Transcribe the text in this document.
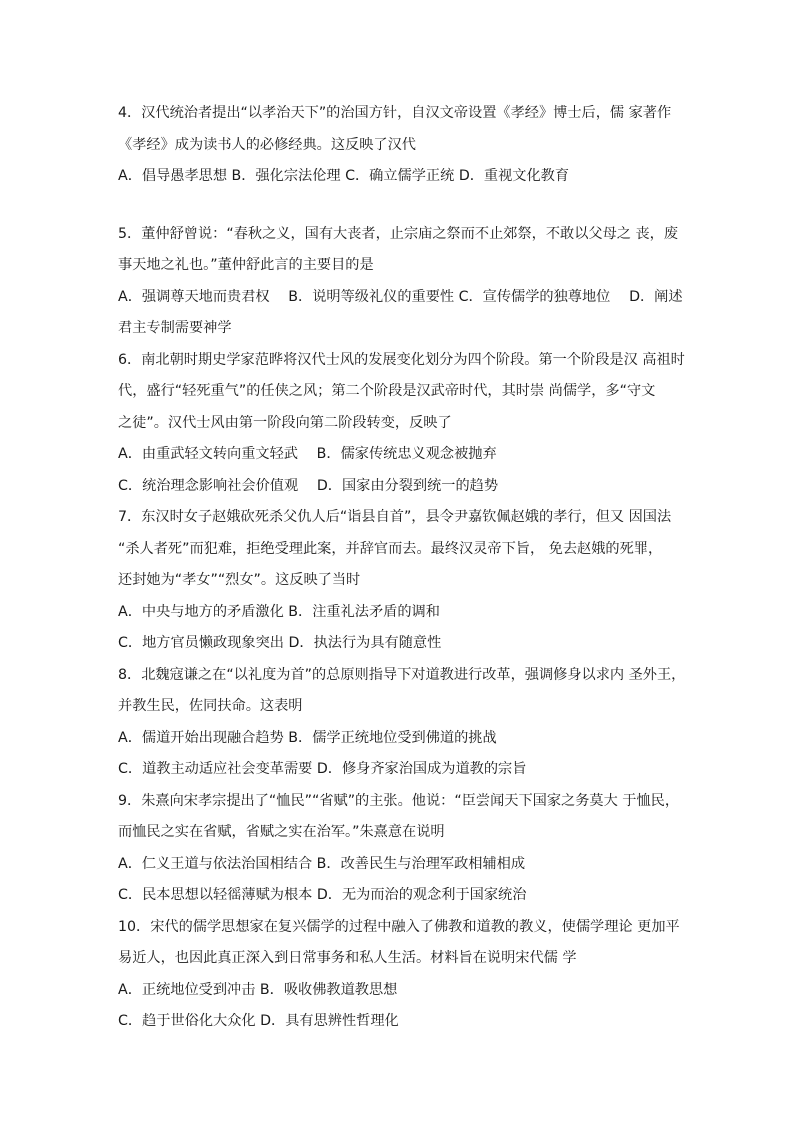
4．汉代统治者提出“以孝治天下”的治国方针，自汉文帝设置《孝经》博士后，儒 家著作
《孝经》成为读书人的必修经典。这反映了汉代
A．倡导愚孝思想 B．强化宗法伦理 C．确立儒学正统 D．重视文化教育
5．董仲舒曾说：“春秋之义，国有大丧者，止宗庙之祭而不止郊祭，不敢以父母之 丧，废
事天地之礼也。”董仲舒此言的主要目的是
A．强调尊天地而贵君权　 B．说明等级礼仪的重要性 C．宣传儒学的独尊地位　 D．阐述
君主专制需要神学
6．南北朝时期史学家范晔将汉代士风的发展变化划分为四个阶段。第一个阶段是汉 高祖时
代，盛行“轻死重气”的任侠之风；第二个阶段是汉武帝时代，其时崇 尚儒学，多“守文
之徒”。汉代士风由第一阶段向第二阶段转变，反映了
A．由重武轻文转向重文轻武　 B．儒家传统忠义观念被抛弃
C．统治理念影响社会价值观　 D．国家由分裂到统一的趋势
7．东汉时女子赵娥砍死杀父仇人后“诣县自首”，县令尹嘉钦佩赵娥的孝行，但又 因国法
“杀人者死”而犯难，拒绝受理此案，并辞官而去。最终汉灵帝下旨， 免去赵娥的死罪，
还封她为“孝女”“烈女”。这反映了当时
A．中央与地方的矛盾激化 B．注重礼法矛盾的调和
C．地方官员懒政现象突出 D．执法行为具有随意性
8．北魏寇谦之在“以礼度为首”的总原则指导下对道教进行改革，强调修身以求内 圣外王，
并教生民，佐同扶命。这表明
A．儒道开始出现融合趋势 B．儒学正统地位受到佛道的挑战
C．道教主动适应社会变革需要 D．修身齐家治国成为道教的宗旨
9．朱熹向宋孝宗提出了“恤民”“省赋”的主张。他说：“臣尝闻天下国家之务莫大 于恤民，
而恤民之实在省赋，省赋之实在治军。”朱熹意在说明
A．仁义王道与依法治国相结合 B．改善民生与治理军政相辅相成
C．民本思想以轻徭薄赋为根本 D．无为而治的观念利于国家统治
10．宋代的儒学思想家在复兴儒学的过程中融入了佛教和道教的教义，使儒学理论 更加平
易近人，也因此真正深入到日常事务和私人生活。材料旨在说明宋代儒 学
A．正统地位受到冲击 B．吸收佛教道教思想
C．趋于世俗化大众化 D．具有思辨性哲理化
